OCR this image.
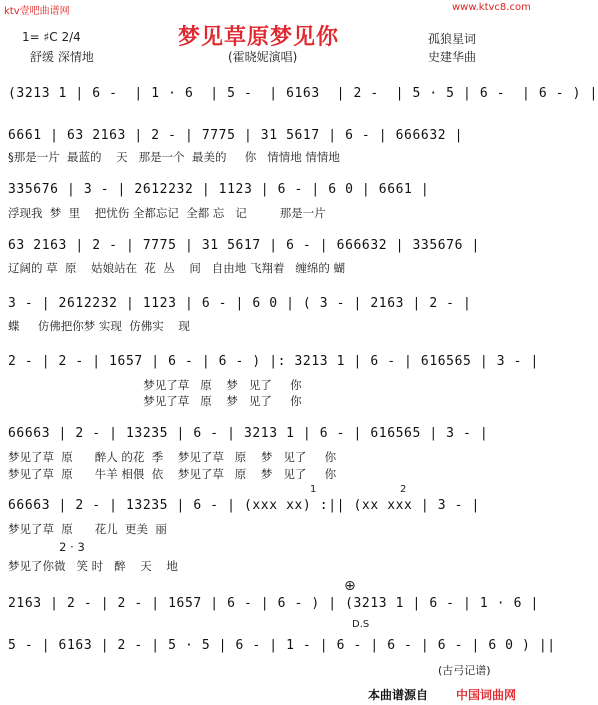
ktv壹吧曲谱网	www.ktvc8.com
梦见草原梦见你
(霍晓妮演唱)
1= ♯C 2/4
舒缓 深情地
孤狼星词
史建华曲
(3213 1 | 6 -  | 1 · 6  | 5 -  | 6163  | 2 -  | 5 · 5 | 6 -  | 6 - ) |
6661 | 63 2163 | 2 - | 7775 | 31 5617 | 6 - | 666632 |
§那是一片  最蓝的    天   那是一个  最美的     你   情情地 情情地
335676 | 3 - | 2612232 | 1123 | 6 - | 6 0 | 6661 |
浮现我  梦  里    把忧伤 全都忘记  全都 忘   记         那是一片
63 2163 | 2 - | 7775 | 31 5617 | 6 - | 666632 | 335676 |
辽阔的 草  原    姑娘站在  花  丛    间   自由地 飞翔着   缠绵的 蝴
3 - | 2612232 | 1123 | 6 - | 6 0 | ( 3 - | 2163 | 2 - |
蝶     仿佛把你梦 实现  仿佛实    现
2 - | 2 - | 1657 | 6 - | 6 - ) |: 3213 1 | 6 - | 616565 | 3 - |
梦见了草   原    梦   见了     你
梦见了草   原    梦   见了     你
66663 | 2 - | 13235 | 6 - | 3213 1 | 6 - | 616565 | 3 - |
梦见了草  原      醉人 的花  季    梦见了草   原    梦   见了     你
梦见了草  原      牛羊 相偎  依    梦见了草   原    梦   见了     你
1	2
66663 | 2 - | 13235 | 6 - | (xxx xx) :|| (xx xxx | 3 - |
梦见了草  原      花儿  更美  丽
2 · 3
梦见了你微   笑 时   醉    天    地
⊕
2163 | 2 - | 2 - | 1657 | 6 - | 6 - ) | (3213 1 | 6 - | 1 · 6 |
D.S
5 - | 6163 | 2 - | 5 · 5 | 6 - | 1 - | 6 - | 6 - | 6 - | 6 0 ) ||
(古弓记谱)
本曲谱源自 中国词曲网
